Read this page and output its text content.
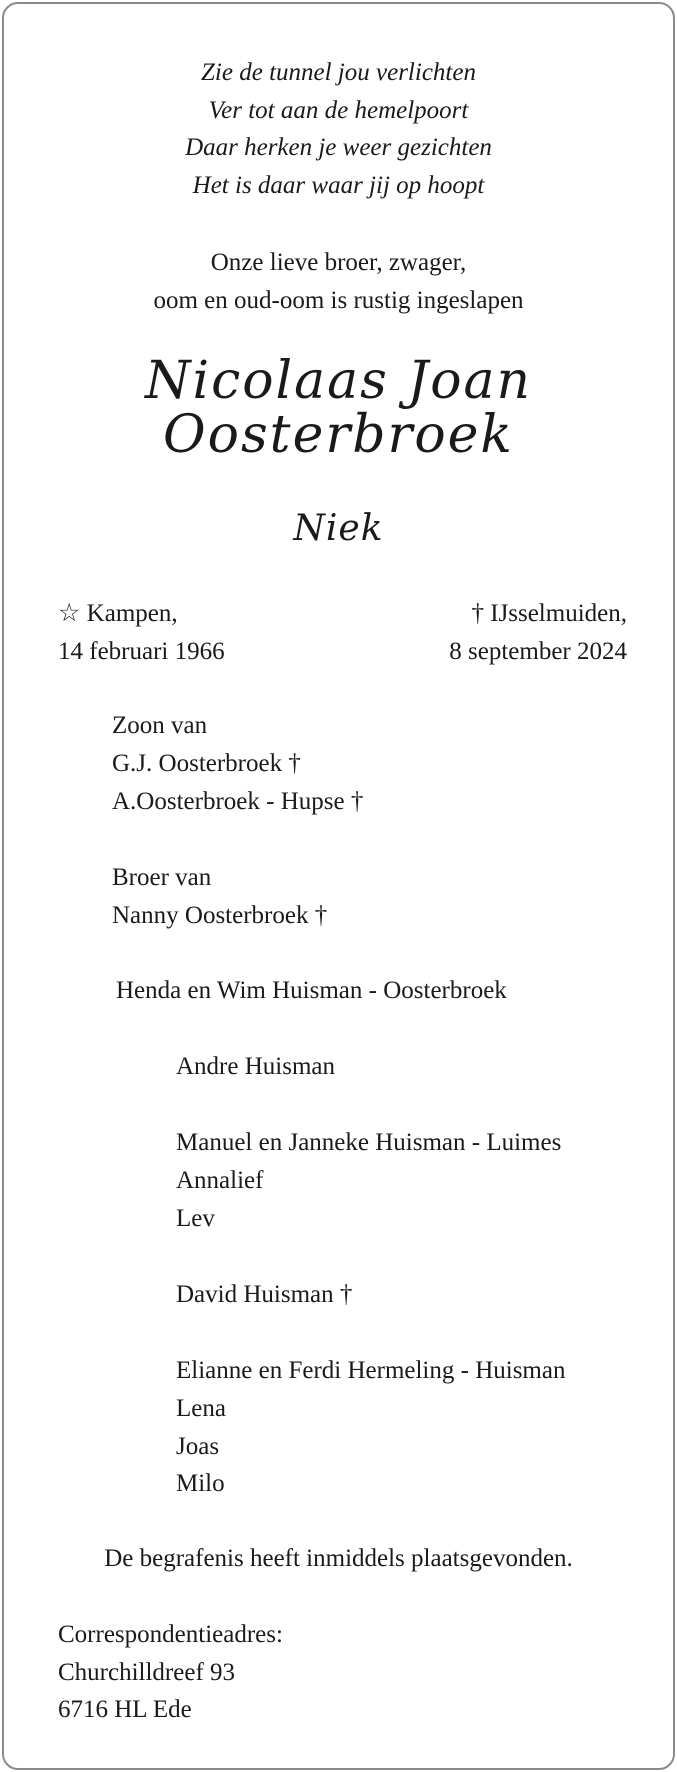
Zie de tunnel jou verlichten
Ver tot aan de hemelpoort
Daar herken je weer gezichten
Het is daar waar jij op hoopt
Onze lieve broer, zwager,
oom en oud-oom is rustig ingeslapen
Nicolaas Joan
Oosterbroek
Niek
☆ Kampen,
14 februari 1966
† IJsselmuiden,
8 september 2024
Zoon van
G.J. Oosterbroek †
A.Oosterbroek - Hupse †
Broer van
Nanny Oosterbroek †
Henda en Wim Huisman - Oosterbroek
Andre Huisman
Manuel en Janneke Huisman - Luimes
Annalief
Lev
David Huisman †
Elianne en Ferdi Hermeling - Huisman
Lena
Joas
Milo
De begrafenis heeft inmiddels plaatsgevonden.
Correspondentieadres:
Churchilldreef 93
6716 HL Ede
